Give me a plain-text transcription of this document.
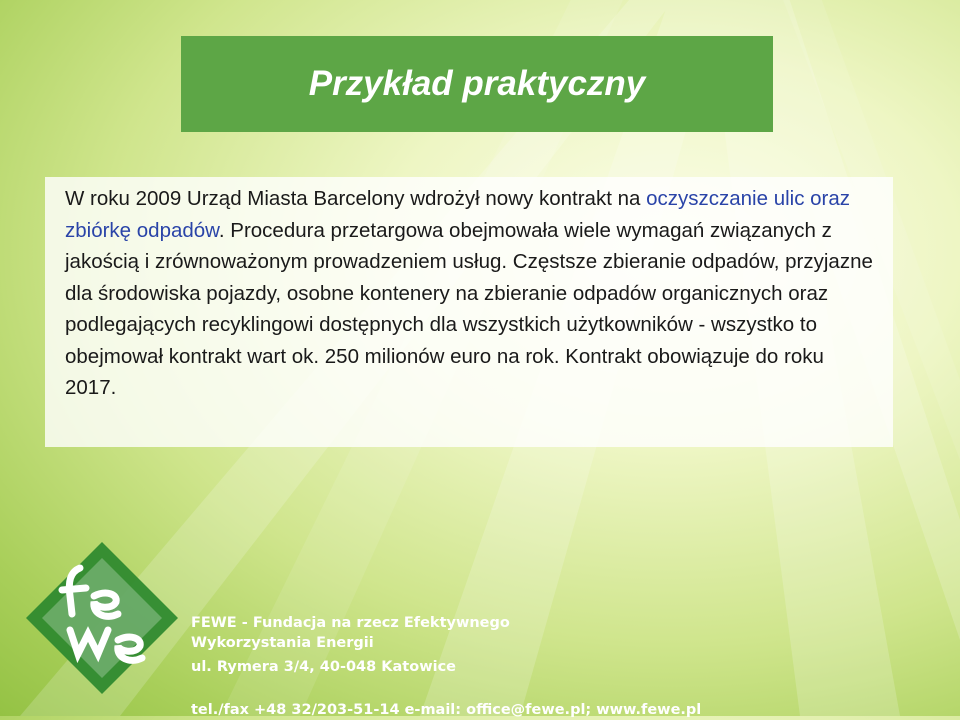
Przykład praktyczny

W roku 2009 Urząd Miasta Barcelony wdrożył nowy kontrakt na oczyszczanie ulic oraz zbiórkę odpadów. Procedura przetargowa obejmowała wiele wymagań związanych z jakością i zrównoważonym prowadzeniem usług. Częstsze zbieranie odpadów, przyjazne dla środowiska pojazdy, osobne kontenery na zbieranie odpadów organicznych oraz podlegających recyklingowi dostępnych dla wszystkich użytkowników - wszystko to obejmował kontrakt wart ok. 250 milionów euro na rok. Kontrakt obowiązuje do roku 2017.

FEWE - Fundacja na rzecz Efektywnego
Wykorzystania Energii
ul. Rymera 3/4, 40-048 Katowice
tel./fax +48 32/203-51-14 e-mail: office@fewe.pl; www.fewe.pl
